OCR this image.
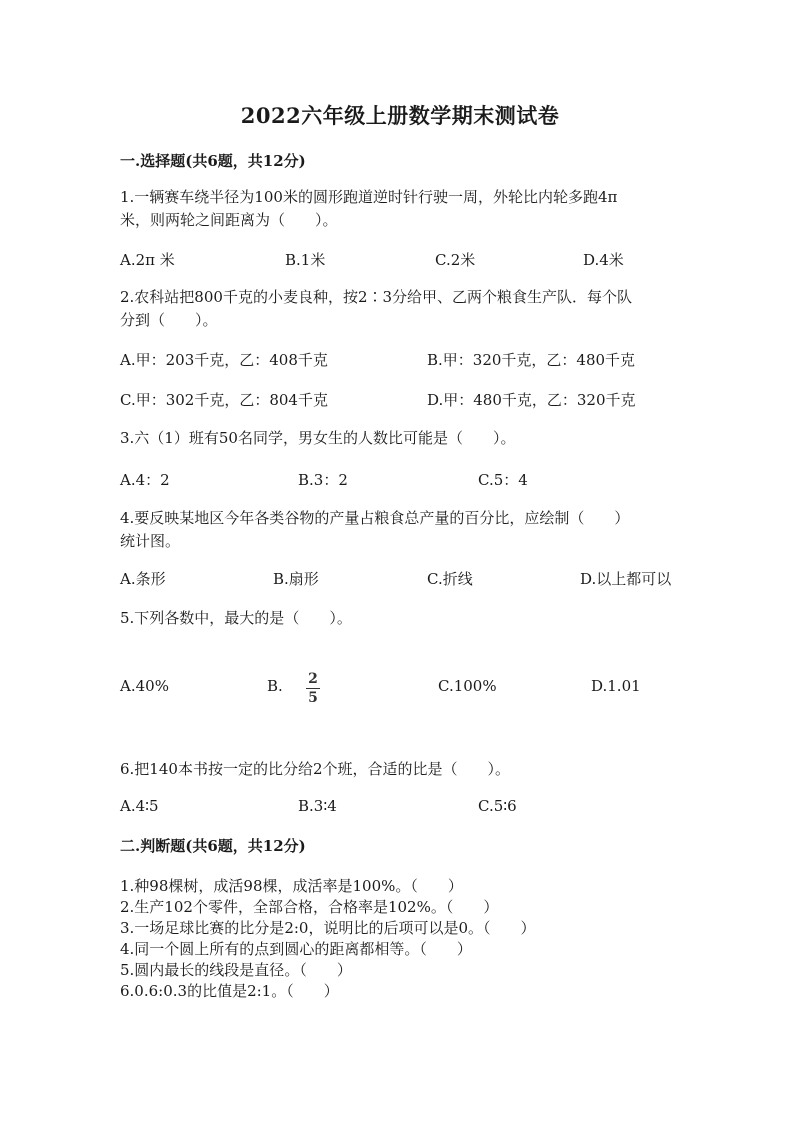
2022六年级上册数学期末测试卷
一.选择题(共6题，共12分)
1.一辆赛车绕半径为100米的圆形跑道逆时针行驶一周，外轮比内轮多跑4π
米，则两轮之间距离为（　　）。
A.2π 米	B.1米	C.2米	D.4米
2.农科站把800千克的小麦良种，按2∶3分给甲、乙两个粮食生产队．每个队
分到（　　）。
A.甲：203千克，乙：408千克	B.甲：320千克，乙：480千克
C.甲：302千克，乙：804千克	D.甲：480千克，乙：320千克
3.六（1）班有50名同学，男女生的人数比可能是（　　）。
A.4：2	B.3：2	C.5：4
4.要反映某地区今年各类谷物的产量占粮食总产量的百分比，应绘制（　　）
统计图。
A.条形	B.扇形	C.折线	D.以上都可以
5.下列各数中，最大的是（　　）。
A.40%	B. 2
5
C.100%	D.1.01
6.把140本书按一定的比分给2个班，合适的比是（　　）。
A.4∶5	B.3∶4	C.5∶6
二.判断题(共6题，共12分)
1.种98棵树，成活98棵，成活率是100%。（　　）
2.生产102个零件，全部合格，合格率是102%。（　　）
3.一场足球比赛的比分是2:0，说明比的后项可以是0。（　　）
4.同一个圆上所有的点到圆心的距离都相等。（　　）
5.圆内最长的线段是直径。（　　）
6.0.6:0.3的比值是2:1。（　　）
